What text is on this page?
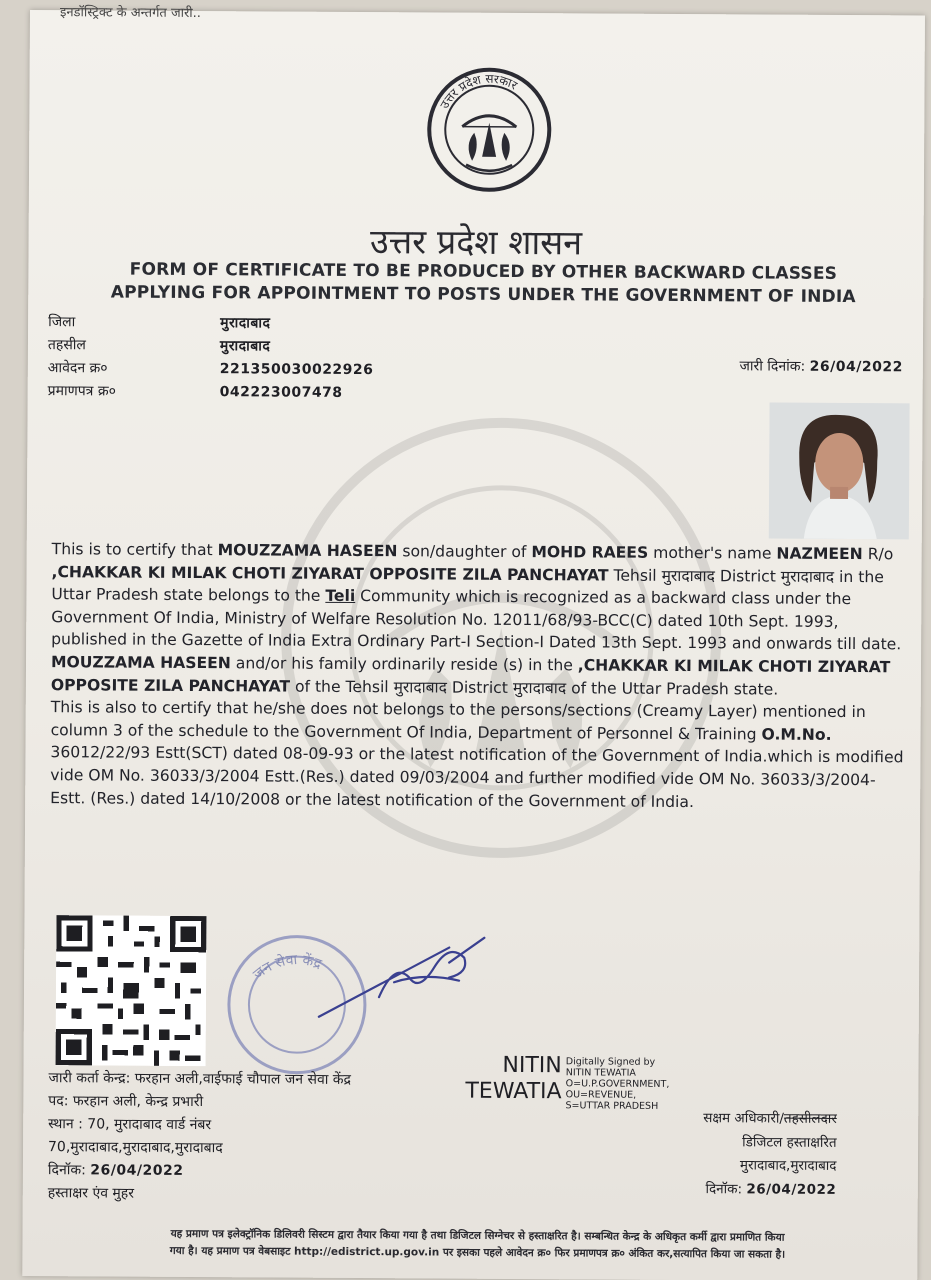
इनडॉस्ट्रिक्ट के अन्तर्गत जारी..
उत्तर प्रदेश सरकार
उत्तर प्रदेश शासन
FORM OF CERTIFICATE TO BE PRODUCED BY OTHER BACKWARD CLASSES
APPLYING FOR APPOINTMENT TO POSTS UNDER THE GOVERNMENT OF INDIA
जिला	मुरादाबाद
तहसील	मुरादाबाद
आवेदन क्र०	221350030022926
प्रमाणपत्र क्र०	042223007478
जारी दिनांक: 26/04/2022

This is to certify that MOUZZAMA HASEEN son/daughter of MOHD RAEES mother's name NAZMEEN R/o ,CHAKKAR KI MILAK CHOTI ZIYARAT OPPOSITE ZILA PANCHAYAT Tehsil मुरादाबाद District मुरादाबाद in the Uttar Pradesh state belongs to the Teli Community which is recognized as a backward class under the Government Of India, Ministry of Welfare Resolution No. 12011/68/93-BCC(C) dated 10th Sept. 1993, published in the Gazette of India Extra Ordinary Part-I Section-I Dated 13th Sept. 1993 and onwards till date.

MOUZZAMA HASEEN and/or his family ordinarily reside (s) in the ,CHAKKAR KI MILAK CHOTI ZIYARAT OPPOSITE ZILA PANCHAYAT of the Tehsil मुरादाबाद District मुरादाबाद of the Uttar Pradesh state.

This is also to certify that he/she does not belongs to the persons/sections (Creamy Layer) mentioned in column 3 of the schedule to the Government Of India, Department of Personnel & Training O.M.No. 36012/22/93 Estt(SCT) dated 08-09-93 or the latest notification of the Government of India.which is modified vide OM No. 36033/3/2004 Estt.(Res.) dated 09/03/2004 and further modified vide OM No. 36033/3/2004-Estt. (Res.) dated 14/10/2008 or the latest notification of the Government of India.

जन सेवा केंद्र
NITIN
TEWATIA
Digitally Signed by
NITIN TEWATIA
O=U.P.GOVERNMENT,
OU=REVENUE,
S=UTTAR PRADESH
जारी कर्ता केन्द्र: फरहान अली,वाईफाई चौपाल जन सेवा केंद्र
पद: फरहान अली, केन्द्र प्रभारी
स्थान : 70, मुरादाबाद वार्ड नंबर
70,मुरादाबाद,मुरादाबाद,मुरादाबाद
दिनॉक: 26/04/2022
हस्ताक्षर एंव मुहर
सक्षम अधिकारी/तहसीलदार
डिजिटल हस्ताक्षरित
मुरादाबाद,मुरादाबाद
दिनॉक: 26/04/2022
यह प्रमाण पत्र इलेक्ट्रॉनिक डिलिवरी सिस्टम द्वारा तैयार किया गया है तथा डिजिटल सिग्नेचर से हस्ताक्षरित है। सम्बन्धित केन्द्र के अधिकृत कर्मी द्वारा प्रमाणित किया
गया है। यह प्रमाण पत्र वेबसाइट http://edistrict.up.gov.in पर इसका पहले आवेदन क्र० फिर प्रमाणपत्र क्र० अंकित कर,सत्यापित किया जा सकता है।
